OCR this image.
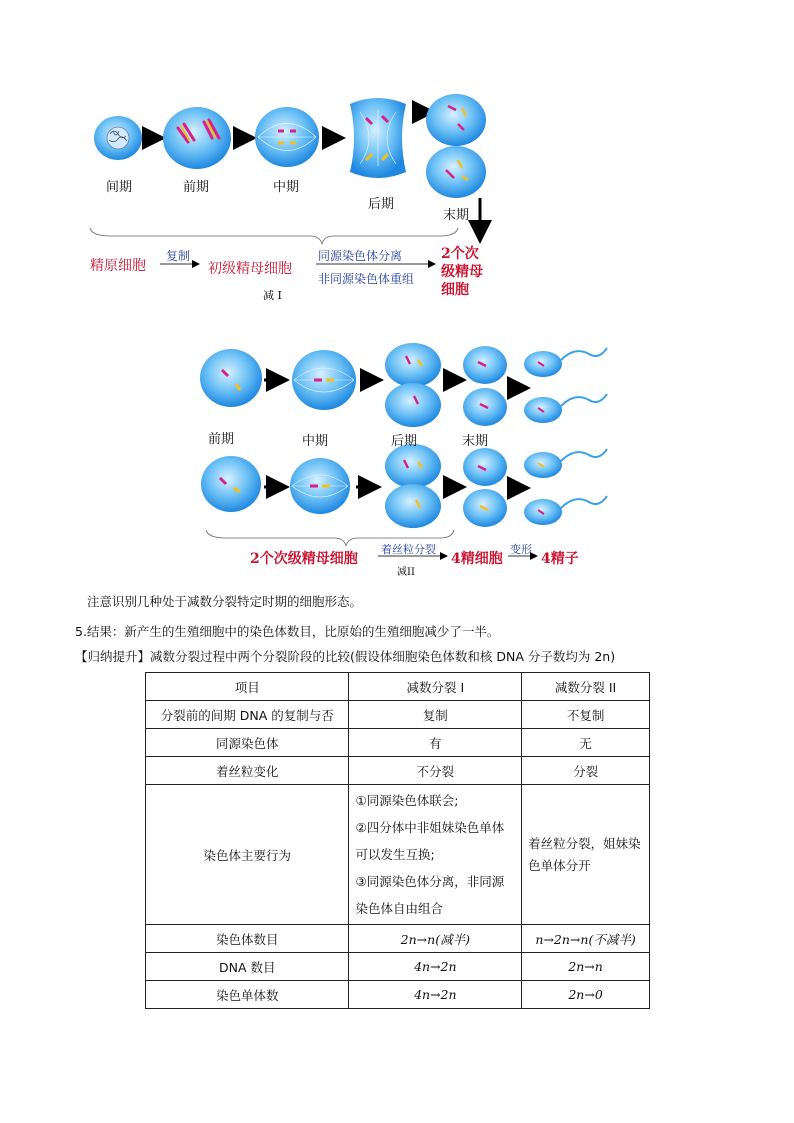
间期	前期	中期
后期
末期
精原细胞
复制
初级精母细胞
同源染色体分离
非同源染色体重组
2个次
级精母
细胞
减 I
前期	中期	后期	末期
2个次级精母细胞
着丝粒分裂
4精细胞
变形
4精子
减II
注意识别几种处于减数分裂特定时期的细胞形态。
5.结果：新产生的生殖细胞中的染色体数目，比原始的生殖细胞减少了一半。
【归纳提升】减数分裂过程中两个分裂阶段的比较(假设体细胞染色体数和核 DNA 分子数均为 2n)
项目	减数分裂 I	减数分裂 II
分裂前的间期 DNA 的复制与否	复制	不复制
同源染色体	有	无
着丝粒变化	不分裂	分裂
染色体主要行为	①同源染色体联会;
②四分体中非姐妹染色单体可以发生互换;
③同源染色体分离，非同源染色体自由组合	着丝粒分裂，姐妹染色单体分开
染色体数目	2n→n(减半)	n→2n→n(不减半)
DNA 数目	4n→2n	2n→n
染色单体数	4n→2n	2n→0
